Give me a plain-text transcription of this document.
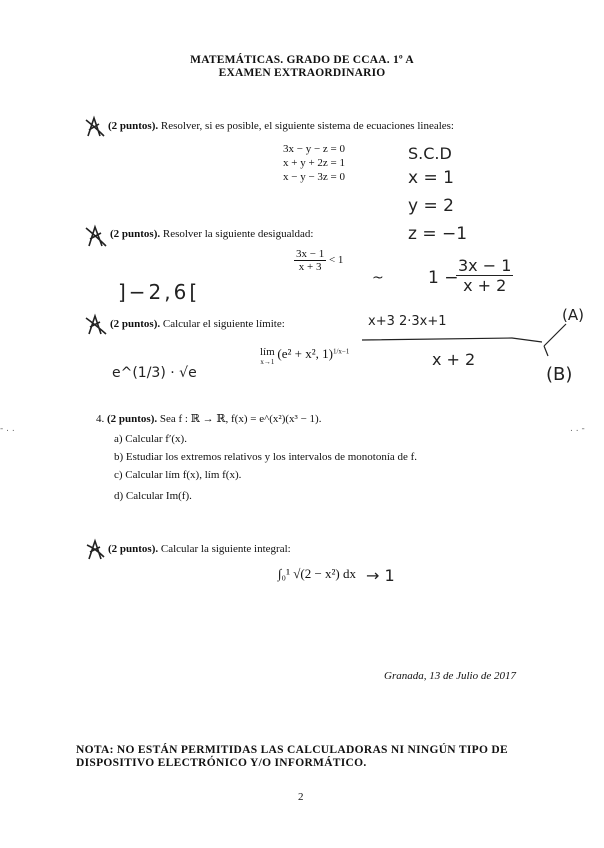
MATEMÁTICAS. GRADO DE CCAA. 1º A
EXAMEN EXTRAORDINARIO
(2 puntos). Resolver, si es posible, el siguiente sistema de ecuaciones lineales:
3x − y − z = 0
x + y + 2z = 1
x − y − 3z = 0
S.C.D
x = 1
y = 2
z = −1
(2 puntos). Resolver la siguiente desigualdad:
$\frac{3x - 1}{x + 3} < 1$
]−2,6[
~	1 −
$\frac{3x - 1}{x + 2}$
(2 puntos). Calcular el siguiente límite:
lím
x→1
(e² + x², 1)$^{1/x-1}$
x+3 2·3x+1
x + 2
e^(1/3) · √e
(A)
(B)
4. (2 puntos). Sea f : ℝ → ℝ, f(x) = e^(x²)(x³ − 1).
- . .	. . -
a) Calcular f′(x).
b) Estudiar los extremos relativos y los intervalos de monotonía de f.
c) Calcular lím f(x), lím f(x).
d) Calcular Im(f).
(2 puntos). Calcular la siguiente integral:
∫₀¹ √(2 − x²) dx → 1
Granada, 13 de Julio de 2017
NOTA: NO ESTÁN PERMITIDAS LAS CALCULADORAS NI NINGÚN TIPO DE DISPOSITIVO ELECTRÓNICO Y/O INFORMÁTICO.
2
